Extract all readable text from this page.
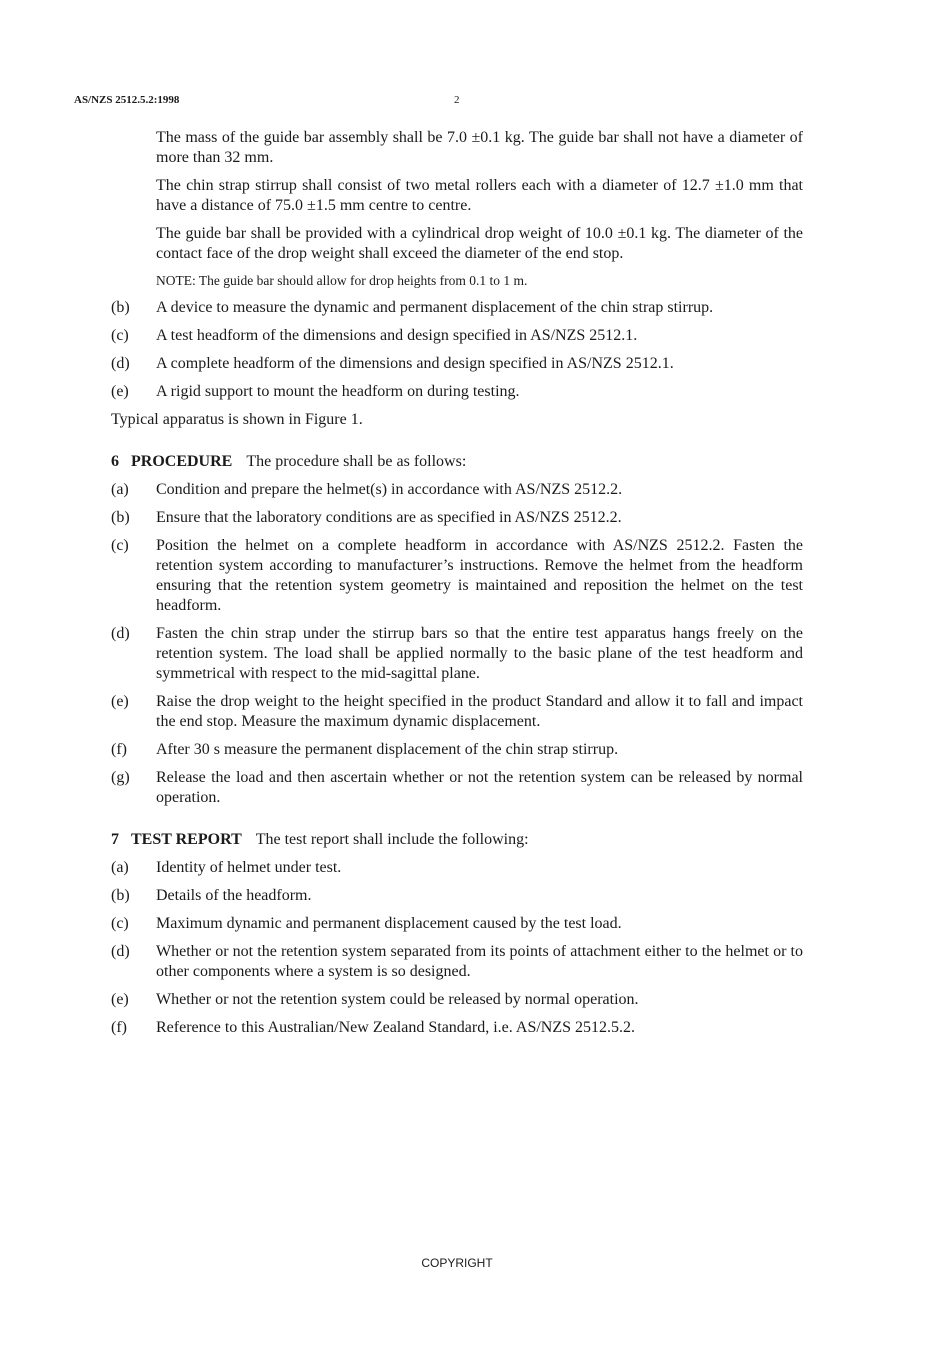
AS/NZS 2512.5.2:1998	2
The mass of the guide bar assembly shall be 7.0 ±0.1 kg. The guide bar shall not have a diameter of more than 32 mm.
The chin strap stirrup shall consist of two metal rollers each with a diameter of 12.7 ±1.0 mm that have a distance of 75.0 ±1.5 mm centre to centre.
The guide bar shall be provided with a cylindrical drop weight of 10.0 ±0.1 kg. The diameter of the contact face of the drop weight shall exceed the diameter of the end stop.
NOTE: The guide bar should allow for drop heights from 0.1 to 1 m.
(b)	A device to measure the dynamic and permanent displacement of the chin strap stirrup.
(c)	A test headform of the dimensions and design specified in AS/NZS 2512.1.
(d)	A complete headform of the dimensions and design specified in AS/NZS 2512.1.
(e)	A rigid support to mount the headform on during testing.
Typical apparatus is shown in Figure 1.
6 PROCEDURE The procedure shall be as follows:
(a)	Condition and prepare the helmet(s) in accordance with AS/NZS 2512.2.
(b)	Ensure that the laboratory conditions are as specified in AS/NZS 2512.2.
(c)	Position the helmet on a complete headform in accordance with AS/NZS 2512.2. Fasten the retention system according to manufacturer’s instructions. Remove the helmet from the headform ensuring that the retention system geometry is maintained and reposition the helmet on the test headform.
(d)	Fasten the chin strap under the stirrup bars so that the entire test apparatus hangs freely on the retention system. The load shall be applied normally to the basic plane of the test headform and symmetrical with respect to the mid-sagittal plane.
(e)	Raise the drop weight to the height specified in the product Standard and allow it to fall and impact the end stop. Measure the maximum dynamic displacement.
(f)	After 30 s measure the permanent displacement of the chin strap stirrup.
(g)	Release the load and then ascertain whether or not the retention system can be released by normal operation.
7 TEST REPORT The test report shall include the following:
(a)	Identity of helmet under test.
(b)	Details of the headform.
(c)	Maximum dynamic and permanent displacement caused by the test load.
(d)	Whether or not the retention system separated from its points of attachment either to the helmet or to other components where a system is so designed.
(e)	Whether or not the retention system could be released by normal operation.
(f)	Reference to this Australian/New Zealand Standard, i.e. AS/NZS 2512.5.2.
COPYRIGHT
